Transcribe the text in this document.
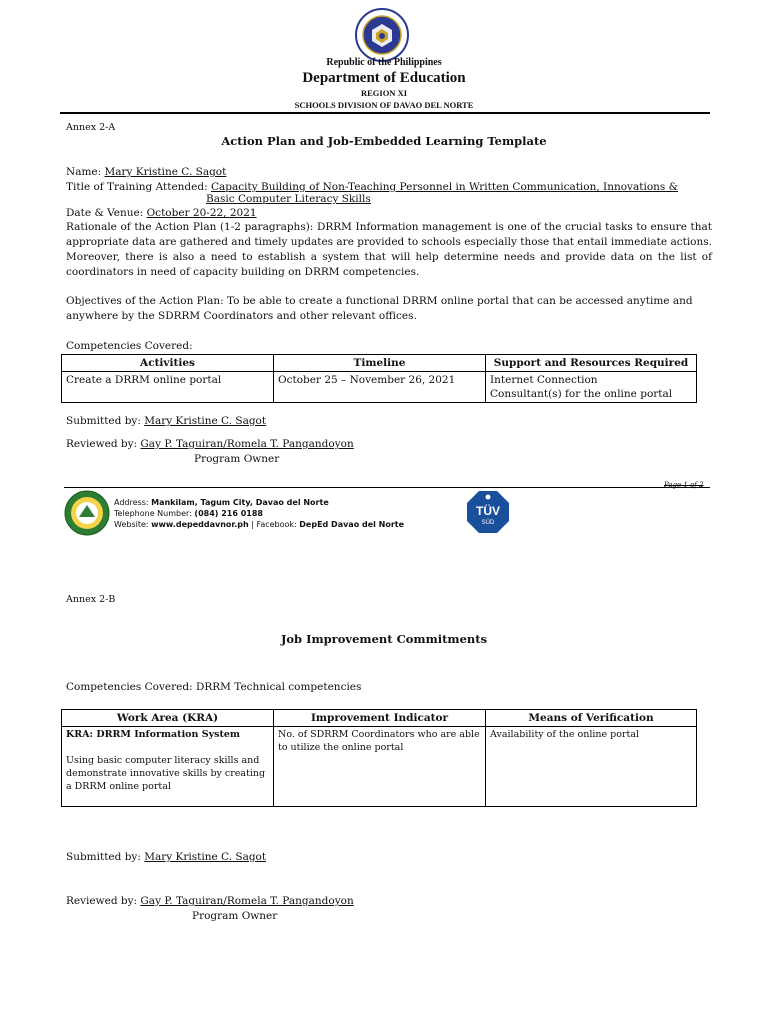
Republic of the Philippines
Department of Education
REGION XI
SCHOOLS DIVISION OF DAVAO DEL NORTE
Annex 2-A
Action Plan and Job-Embedded Learning Template
Name: Mary Kristine C. Sagot
Title of Training Attended: Capacity Building of Non-Teaching Personnel in Written Communication, Innovations &
Basic Computer Literacy Skills
Date & Venue: October 20-22, 2021
Rationale of the Action Plan (1-2 paragraphs): DRRM Information management is one of the crucial tasks to ensure that appropriate data are gathered and timely updates are provided to schools especially those that entail immediate actions. Moreover, there is also a need to establish a system that will help determine needs and provide data on the list of coordinators in need of capacity building on DRRM competencies.
Objectives of the Action Plan: To be able to create a functional DRRM online portal that can be accessed anytime and anywhere by the SDRRM Coordinators and other relevant offices.
Competencies Covered:
Activities	Timeline	Support and Resources Required
Create a DRRM online portal	October 25 – November 26, 2021	Internet Connection
Consultant(s) for the online portal
Submitted by: Mary Kristine C. Sagot
Reviewed by: Gay P. Taguiran/Romela T. Pangandoyon
Program Owner
Page 1 of 2
Address: Mankilam, Tagum City, Davao del Norte
Telephone Number: (084) 216 0188
Website: www.depeddavnor.ph | Facebook: DepEd Davao del Norte
TÜV
SÜD
Annex 2-B
Job Improvement Commitments
Competencies Covered: DRRM Technical competencies
Work Area (KRA)	Improvement Indicator	Means of Verification

KRA: DRRM Information System
Using basic computer literacy skills and demonstrate innovative skills by creating a DRRM online portal	No. of SDRRM Coordinators who are able to utilize the online portal	Availability of the online portal
Submitted by: Mary Kristine C. Sagot
Reviewed by: Gay P. Taguiran/Romela T. Pangandoyon
Program Owner
